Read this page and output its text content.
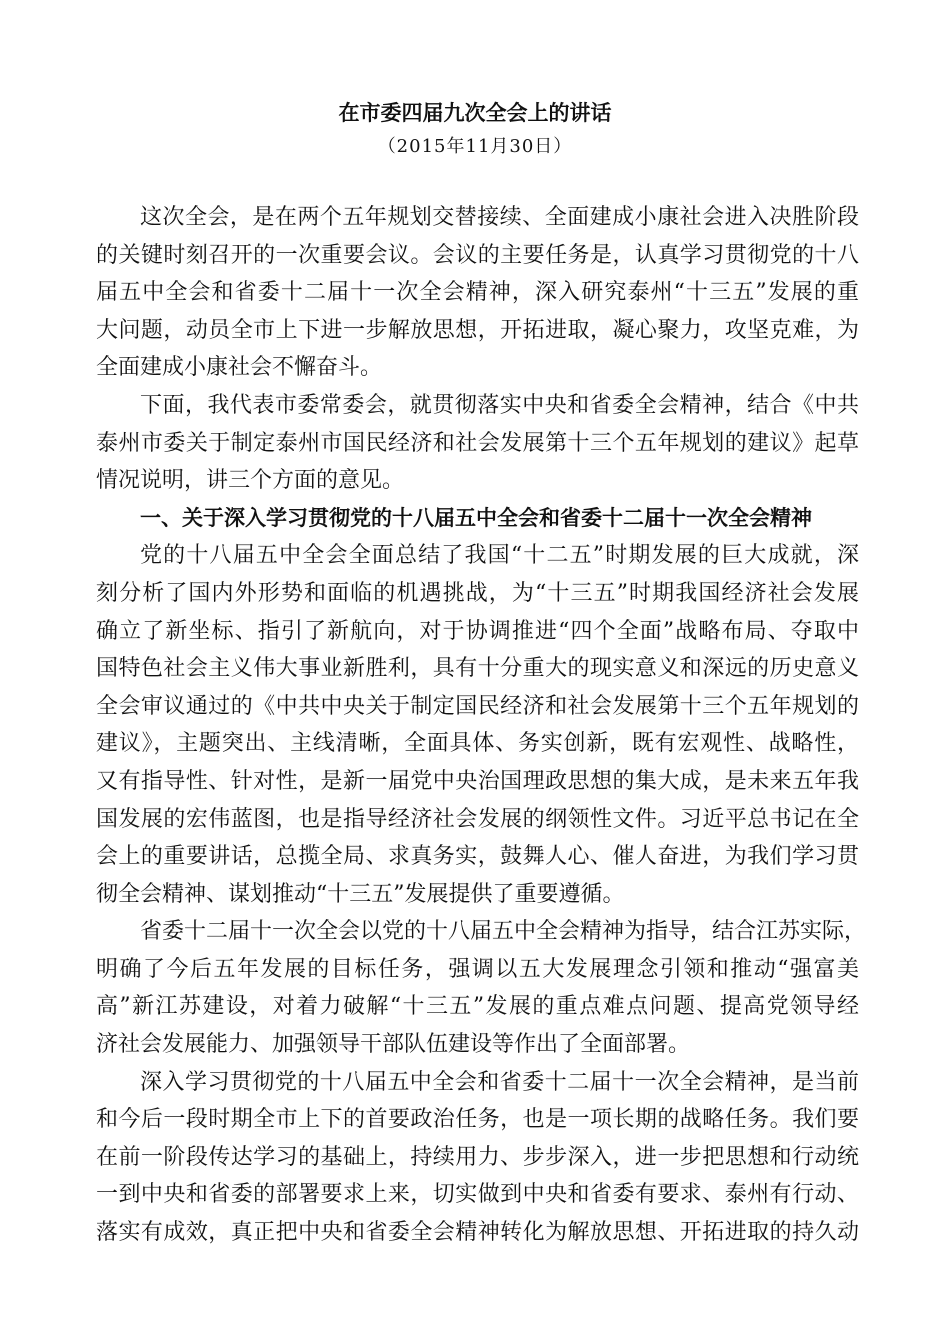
在市委四届九次全会上的讲话
（2015年11月30日）
这次全会，是在两个五年规划交替接续、全面建成小康社会进入决胜阶段
的关键时刻召开的一次重要会议。会议的主要任务是，认真学习贯彻党的十八
届五中全会和省委十二届十一次全会精神，深入研究泰州“十三五”发展的重
大问题，动员全市上下进一步解放思想，开拓进取，凝心聚力，攻坚克难，为
全面建成小康社会不懈奋斗。
下面，我代表市委常委会，就贯彻落实中央和省委全会精神，结合《中共
泰州市委关于制定泰州市国民经济和社会发展第十三个五年规划的建议》起草
情况说明，讲三个方面的意见。
一、关于深入学习贯彻党的十八届五中全会和省委十二届十一次全会精神
党的十八届五中全会全面总结了我国“十二五”时期发展的巨大成就，深
刻分析了国内外形势和面临的机遇挑战，为“十三五”时期我国经济社会发展
确立了新坐标、指引了新航向，对于协调推进“四个全面”战略布局、夺取中
国特色社会主义伟大事业新胜利，具有十分重大的现实意义和深远的历史意义
全会审议通过的《中共中央关于制定国民经济和社会发展第十三个五年规划的
建议》，主题突出、主线清晰，全面具体、务实创新，既有宏观性、战略性，
又有指导性、针对性，是新一届党中央治国理政思想的集大成，是未来五年我
国发展的宏伟蓝图，也是指导经济社会发展的纲领性文件。习近平总书记在全
会上的重要讲话，总揽全局、求真务实，鼓舞人心、催人奋进，为我们学习贯
彻全会精神、谋划推动“十三五”发展提供了重要遵循。
省委十二届十一次全会以党的十八届五中全会精神为指导，结合江苏实际，
明确了今后五年发展的目标任务，强调以五大发展理念引领和推动“强富美
高”新江苏建设，对着力破解“十三五”发展的重点难点问题、提高党领导经
济社会发展能力、加强领导干部队伍建设等作出了全面部署。
深入学习贯彻党的十八届五中全会和省委十二届十一次全会精神，是当前
和今后一段时期全市上下的首要政治任务，也是一项长期的战略任务。我们要
在前一阶段传达学习的基础上，持续用力、步步深入，进一步把思想和行动统
一到中央和省委的部署要求上来，切实做到中央和省委有要求、泰州有行动、
落实有成效，真正把中央和省委全会精神转化为解放思想、开拓进取的持久动
